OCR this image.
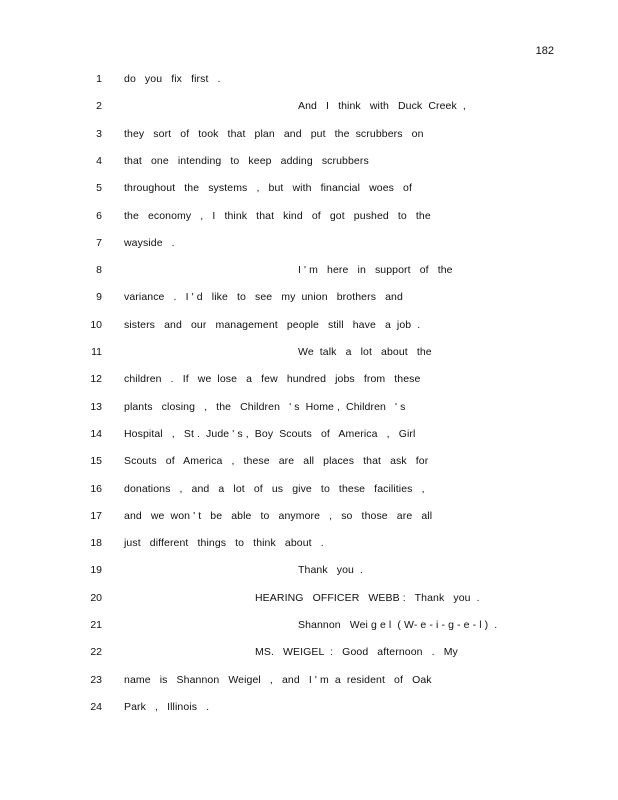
182
1 do   you   fix   first   .
2	And   I   think   with   Duck  Creek  ,
3 they   sort   of   took   that   plan   and   put   the  scrubbers   on
4 that   one   intending   to   keep   adding   scrubbers
5 throughout   the   systems   ,   but   with   financial   woes   of
6 the   economy   ,   I   think   that   kind   of   got   pushed   to   the
7 wayside   .
8	I ' m   here   in   support   of   the
9 variance   .   I ' d   like   to   see   my  union   brothers   and
10 sisters   and   our   management   people   still   have   a  job  .
11	We  talk   a   lot   about   the
12 children   .   If   we  lose   a   few   hundred   jobs   from   these
13 plants   closing   ,   the   Children   ' s  Home ,  Children   ' s
14 Hospital   ,   St .  Jude ' s ,  Boy  Scouts   of   America   ,   Girl
15 Scouts   of   America   ,   these   are   all   places   that   ask   for
16 donations   ,   and   a   lot   of   us   give   to   these   facilities   ,
17 and   we  won ' t   be   able   to   anymore   ,   so   those   are   all
18 just   different   things   to   think   about   .
19	Thank   you  .
20	HEARING   OFFICER   WEBB :   Thank   you  .
21	Shannon   Wei g e l  ( W- e - i - g - e - l )  .
22	MS.   WEIGEL  :   Good   afternoon   .   My
23 name   is   Shannon   Weigel   ,   and   I ' m  a  resident   of   Oak
24 Park   ,   Illinois   .
